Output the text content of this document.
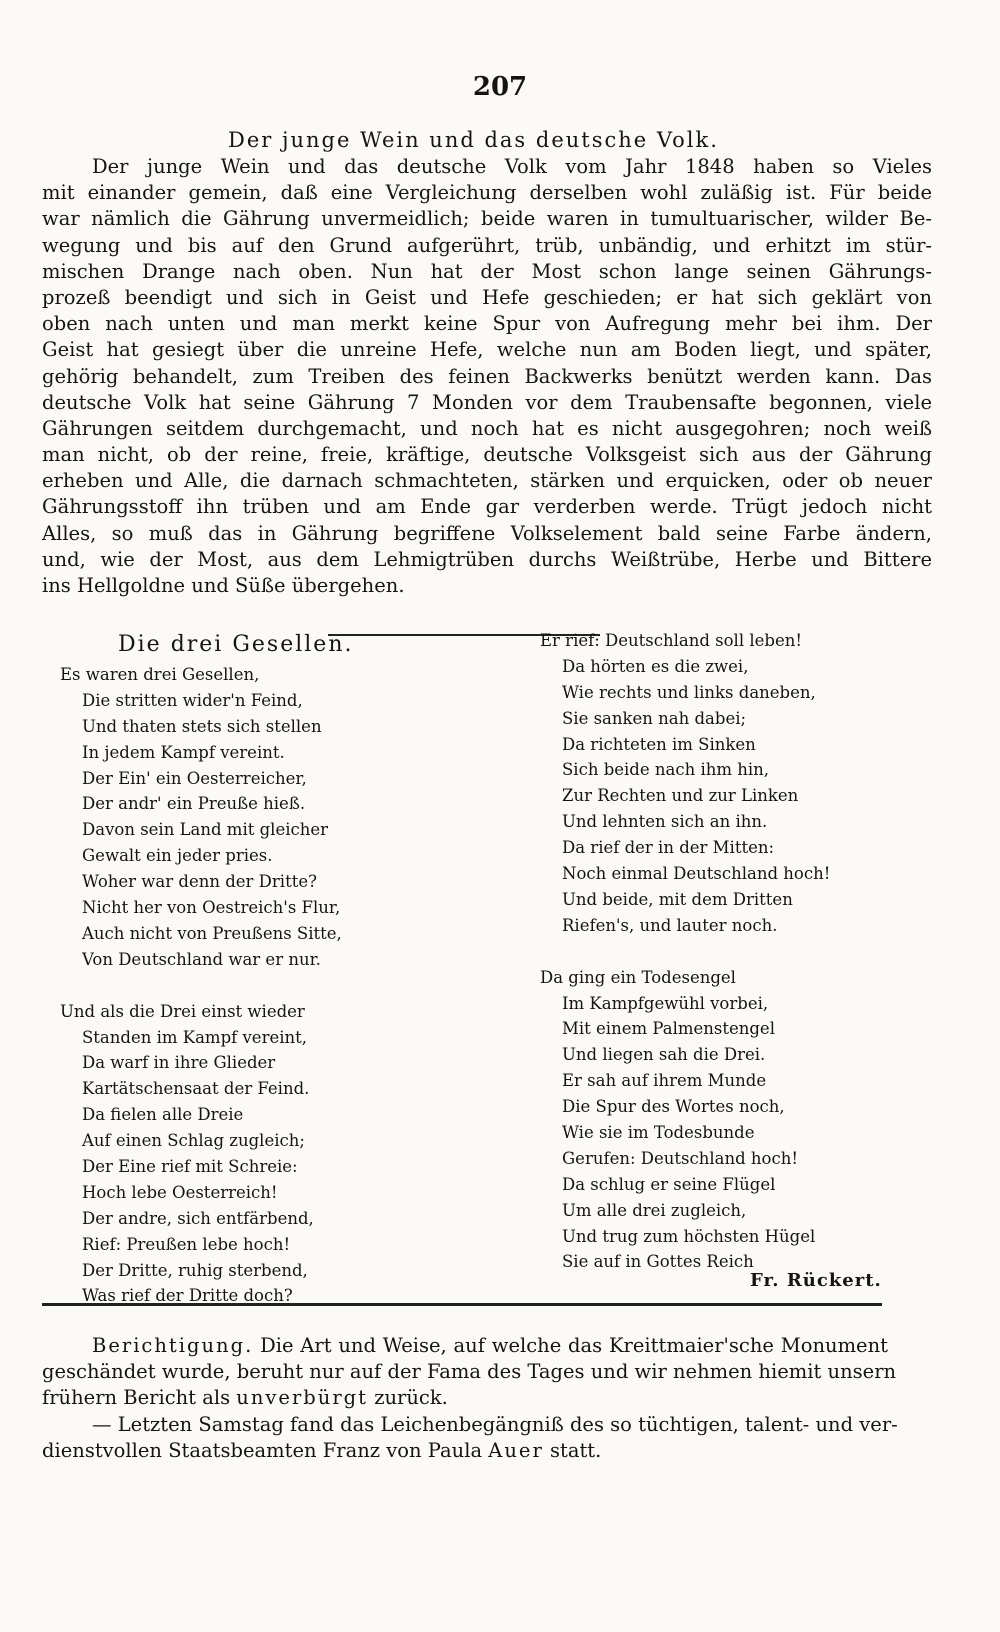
207
Der junge Wein und das deutsche Volk.
Der junge Wein und das deutsche Volk vom Jahr 1848 haben so Vieles
mit einander gemein, daß eine Vergleichung derselben wohl zuläßig ist. Für beide
war nämlich die Gährung unvermeidlich; beide waren in tumultuarischer, wilder Be-
wegung und bis auf den Grund aufgerührt, trüb, unbändig, und erhitzt im stür-
mischen Drange nach oben. Nun hat der Most schon lange seinen Gährungs-
prozeß beendigt und sich in Geist und Hefe geschieden; er hat sich geklärt von
oben nach unten und man merkt keine Spur von Aufregung mehr bei ihm. Der
Geist hat gesiegt über die unreine Hefe, welche nun am Boden liegt, und später,
gehörig behandelt, zum Treiben des feinen Backwerks benützt werden kann. Das
deutsche Volk hat seine Gährung 7 Monden vor dem Traubensafte begonnen, viele
Gährungen seitdem durchgemacht, und noch hat es nicht ausgegohren; noch weiß
man nicht, ob der reine, freie, kräftige, deutsche Volksgeist sich aus der Gährung
erheben und Alle, die darnach schmachteten, stärken und erquicken, oder ob neuer
Gährungsstoff ihn trüben und am Ende gar verderben werde. Trügt jedoch nicht
Alles, so muß das in Gährung begriffene Volkselement bald seine Farbe ändern,
und, wie der Most, aus dem Lehmigtrüben durchs Weißtrübe, Herbe und Bittere
ins Hellgoldne und Süße übergehen.
Die drei Gesellen.
Es waren drei Gesellen,
Die stritten wider'n Feind,
Und thaten stets sich stellen
In jedem Kampf vereint.
Der Ein' ein Oesterreicher,
Der andr' ein Preuße hieß.
Davon sein Land mit gleicher
Gewalt ein jeder pries.
Woher war denn der Dritte?
Nicht her von Oestreich's Flur,
Auch nicht von Preußens Sitte,
Von Deutschland war er nur.
Und als die Drei einst wieder
Standen im Kampf vereint,
Da warf in ihre Glieder
Kartätschensaat der Feind.
Da fielen alle Dreie
Auf einen Schlag zugleich;
Der Eine rief mit Schreie:
Hoch lebe Oesterreich!
Der andre, sich entfärbend,
Rief: Preußen lebe hoch!
Der Dritte, ruhig sterbend,
Was rief der Dritte doch?
Er rief: Deutschland soll leben!
Da hörten es die zwei,
Wie rechts und links daneben,
Sie sanken nah dabei;
Da richteten im Sinken
Sich beide nach ihm hin,
Zur Rechten und zur Linken
Und lehnten sich an ihn.
Da rief der in der Mitten:
Noch einmal Deutschland hoch!
Und beide, mit dem Dritten
Riefen's, und lauter noch.
Da ging ein Todesengel
Im Kampfgewühl vorbei,
Mit einem Palmenstengel
Und liegen sah die Drei.
Er sah auf ihrem Munde
Die Spur des Wortes noch,
Wie sie im Todesbunde
Gerufen: Deutschland hoch!
Da schlug er seine Flügel
Um alle drei zugleich,
Und trug zum höchsten Hügel
Sie auf in Gottes Reich
Fr. Rückert.
Berichtigung. Die Art und Weise, auf welche das Kreittmaier'sche Monument
geschändet wurde, beruht nur auf der Fama des Tages und wir nehmen hiemit unsern
frühern Bericht als unverbürgt zurück.
— Letzten Samstag fand das Leichenbegängniß des so tüchtigen, talent- und ver-
dienstvollen Staatsbeamten Franz von Paula Auer statt.
